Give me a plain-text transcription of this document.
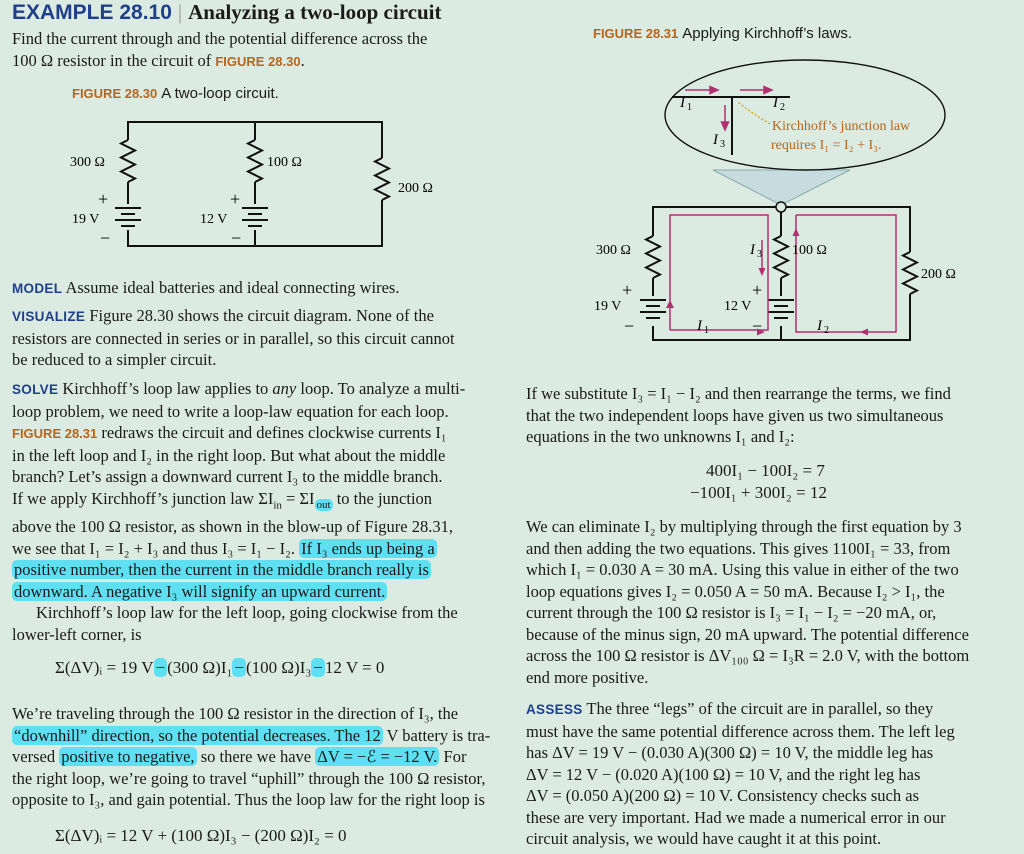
EXAMPLE 28.10 | Analyzing a two-loop circuit
Find the current through and the potential difference across the
100 Ω resistor in the circuit of FIGURE 28.30.
FIGURE 28.30 A two-loop circuit.
300 Ω	100 Ω
200 Ω
19 V	12 V
+	+
−	−
MODEL Assume ideal batteries and ideal connecting wires.
VISUALIZE Figure 28.30 shows the circuit diagram. None of the
resistors are connected in series or in parallel, so this circuit cannot
be reduced to a simpler circuit.
SOLVE Kirchhoff’s loop law applies to any loop. To analyze a multi-
loop problem, we need to write a loop-law equation for each loop.
FIGURE 28.31 redraws the circuit and defines clockwise currents I₁
in the left loop and I₂ in the right loop. But what about the middle
branch? Let’s assign a downward current I₃ to the middle branch.
If we apply Kirchhoff’s junction law $\Sigma I_{in} = \Sigma I$ $_{out}$ to the junction
above the 100 Ω resistor, as shown in the blow-up of Figure 28.31,
we see that I₁ = I₂ + I₃ and thus I₃ = I₁ − I₂. If I₃ ends up being a
positive number, then the current in the middle branch really is
downward. A negative I₃ will signify an upward current.
Kirchhoff’s loop law for the left loop, going clockwise from the
lower-left corner, is
Σ(ΔV)ᵢ = 19 V − (300 Ω)I₁ − (100 Ω)I₃ − 12 V = 0
We’re traveling through the 100 Ω resistor in the direction of I₃, the
“downhill” direction, so the potential decreases. The 12 V battery is tra-
versed positive to negative, so there we have ΔV = −ℰ = −12 V. For
the right loop, we’re going to travel “uphill” through the 100 Ω resistor,
opposite to I₃, and gain potential. Thus the loop law for the right loop is
Σ(ΔV)ᵢ = 12 V + (100 Ω)I₃ − (200 Ω)I₂ = 0
FIGURE 28.31 Applying Kirchhoff’s laws.
I 1	I 2
I 3
Kirchhoff’s junction law
requires I₁ = I₂ + I₃.
300 Ω	100 Ω
200 Ω
19 V	12 V
+	+
−	−
I 3
I 1	I 2
If we substitute I₃ = I₁ − I₂ and then rearrange the terms, we find
that the two independent loops have given us two simultaneous
equations in the two unknowns I₁ and I₂:
400I₁ − 100I₂ = 7
−100I₁ + 300I₂ = 12
We can eliminate I₂ by multiplying through the first equation by 3
and then adding the two equations. This gives 1100I₁ = 33, from
which I₁ = 0.030 A = 30 mA. Using this value in either of the two
loop equations gives I₂ = 0.050 A = 50 mA. Because I₂ > I₁, the
current through the 100 Ω resistor is I₃ = I₁ − I₂ = −20 mA, or,
because of the minus sign, 20 mA upward. The potential difference
across the 100 Ω resistor is ΔV₁₀₀ Ω = I₃R = 2.0 V, with the bottom
end more positive.
ASSESS The three “legs” of the circuit are in parallel, so they
must have the same potential difference across them. The left leg
has ΔV = 19 V − (0.030 A)(300 Ω) = 10 V, the middle leg has
ΔV = 12 V − (0.020 A)(100 Ω) = 10 V, and the right leg has
ΔV = (0.050 A)(200 Ω) = 10 V. Consistency checks such as
these are very important. Had we made a numerical error in our
circuit analysis, we would have caught it at this point.
